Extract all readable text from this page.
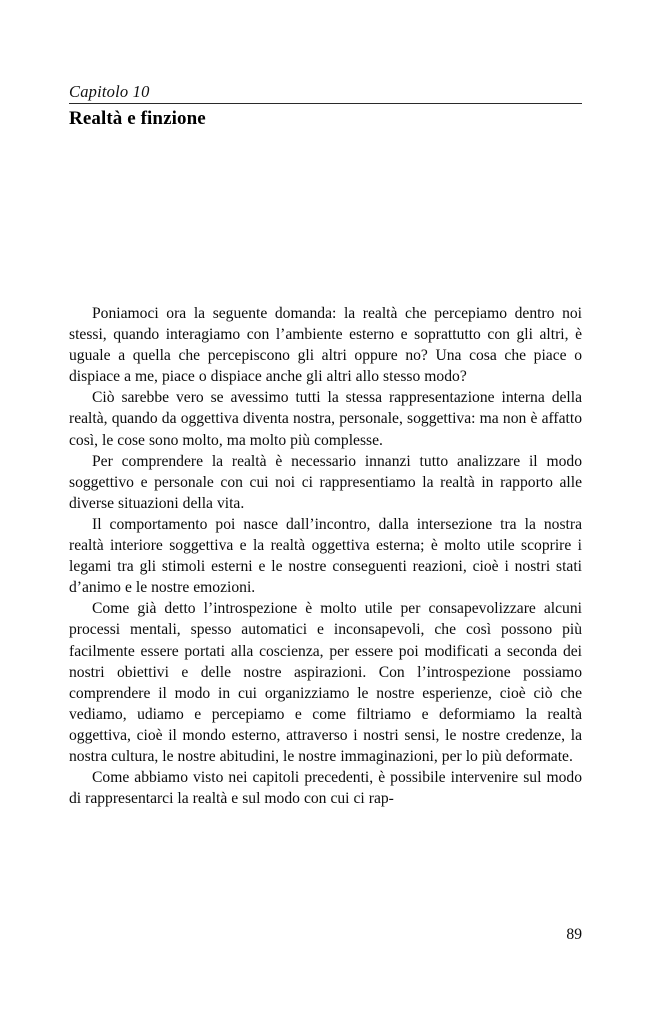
Capitolo 10
Realtà e finzione

Poniamoci ora la seguente domanda: la realtà che percepiamo dentro noi stessi, quando interagiamo con l’ambiente esterno e soprattutto con gli altri, è uguale a quella che percepiscono gli altri oppure no? Una cosa che piace o dispiace a me, piace o dispiace anche gli altri allo stesso modo?

Ciò sarebbe vero se avessimo tutti la stessa rappresentazione interna della realtà, quando da oggettiva diventa nostra, personale, soggettiva: ma non è affatto così, le cose sono molto, ma molto più complesse.

Per comprendere la realtà è necessario innanzi tutto analizzare il modo soggettivo e personale con cui noi ci rappresentiamo la realtà in rapporto alle diverse situazioni della vita.

Il comportamento poi nasce dall’incontro, dalla intersezione tra la nostra realtà interiore soggettiva e la realtà oggettiva esterna; è molto utile scoprire i legami tra gli stimoli esterni e le nostre conseguenti reazioni, cioè i nostri stati d’animo e le nostre emozioni.

Come già detto l’introspezione è molto utile per consapevolizzare alcuni processi mentali, spesso automatici e inconsapevoli, che così possono più facilmente essere portati alla coscienza, per essere poi modificati a seconda dei nostri obiettivi e delle nostre aspirazioni. Con l’introspezione possiamo comprendere il modo in cui organizziamo le nostre esperienze, cioè ciò che vediamo, udiamo e percepiamo e come filtriamo e deformiamo la realtà oggettiva, cioè il mondo esterno, attraverso i nostri sensi, le nostre credenze, la nostra cultura, le nostre abitudini, le nostre immaginazioni, per lo più deformate.

Come abbiamo visto nei capitoli precedenti, è possibile intervenire sul modo di rappresentarci la realtà e sul modo con cui ci rap-

89
